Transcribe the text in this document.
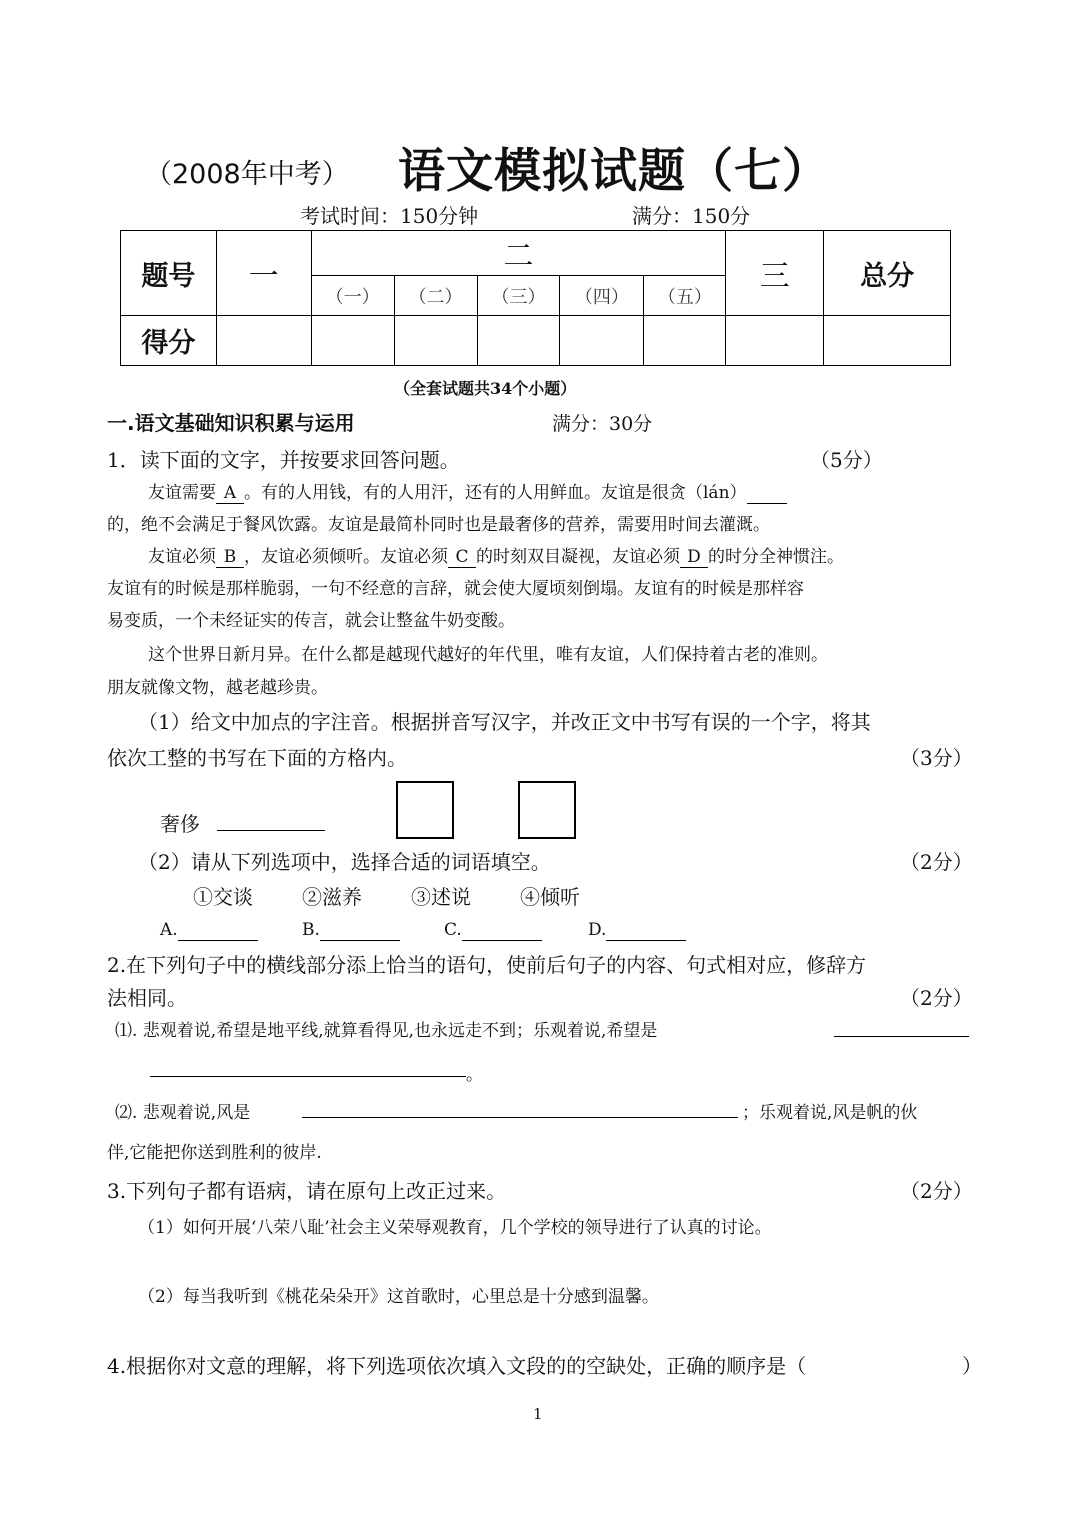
（2008年中考） 语文模拟试题（七）
考试时间：150分钟	满分：150分
题号	一	二					三	总分
		（一）	（二）	（三）	（四）	（五）		
得分								
（全套试题共34个小题）
一.语文基础知识积累与运用	满分：30分
1．读下面的文字，并按要求回答问题。	（5分）
友谊需要 A 。有的人用钱，有的人用汗，还有的人用鲜血。友谊是很贪（lán）
的，绝不会满足于餐风饮露。友谊是最简朴同时也是最奢侈的营养，需要用时间去灌溉。
友谊必须 B ，友谊必须倾听。友谊必须 C 的时刻双目凝视，友谊必须 D 的时分全神惯注。
友谊有的时候是那样脆弱，一句不经意的言辞，就会使大厦顷刻倒塌。友谊有的时候是那样容
易变质，一个未经证实的传言，就会让整盆牛奶变酸。
这个世界日新月异。在什么都是越现代越好的年代里，唯有友谊，人们保持着古老的准则。
朋友就像文物，越老越珍贵。
（1）给文中加点的字注音。根据拼音写汉字，并改正文中书写有误的一个字，将其
依次工整的书写在下面的方格内。	（3分）
奢侈
（2）请从下列选项中，选择合适的词语填空。	（2分）
①交谈 ②滋养 ③述说 ④倾听
A.	B.	C.	D.
2.在下列句子中的横线部分添上恰当的语句，使前后句子的内容、句式相对应，修辞方
法相同。	（2分）
⑴. 悲观着说,希望是地平线,就算看得见,也永远走不到；乐观着说,希望是
。
⑵. 悲观着说,风是	；乐观着说,风是帆的伙
伴,它能把你送到胜利的彼岸.
3.下列句子都有语病，请在原句上改正过来。	（2分）
（1）如何开展‘八荣八耻’社会主义荣辱观教育，几个学校的领导进行了认真的讨论。
（2）每当我听到《桃花朵朵开》这首歌时，心里总是十分感到温馨。
4.根据你对文意的理解，将下列选项依次填入文段的的空缺处，正确的顺序是（	）
1
